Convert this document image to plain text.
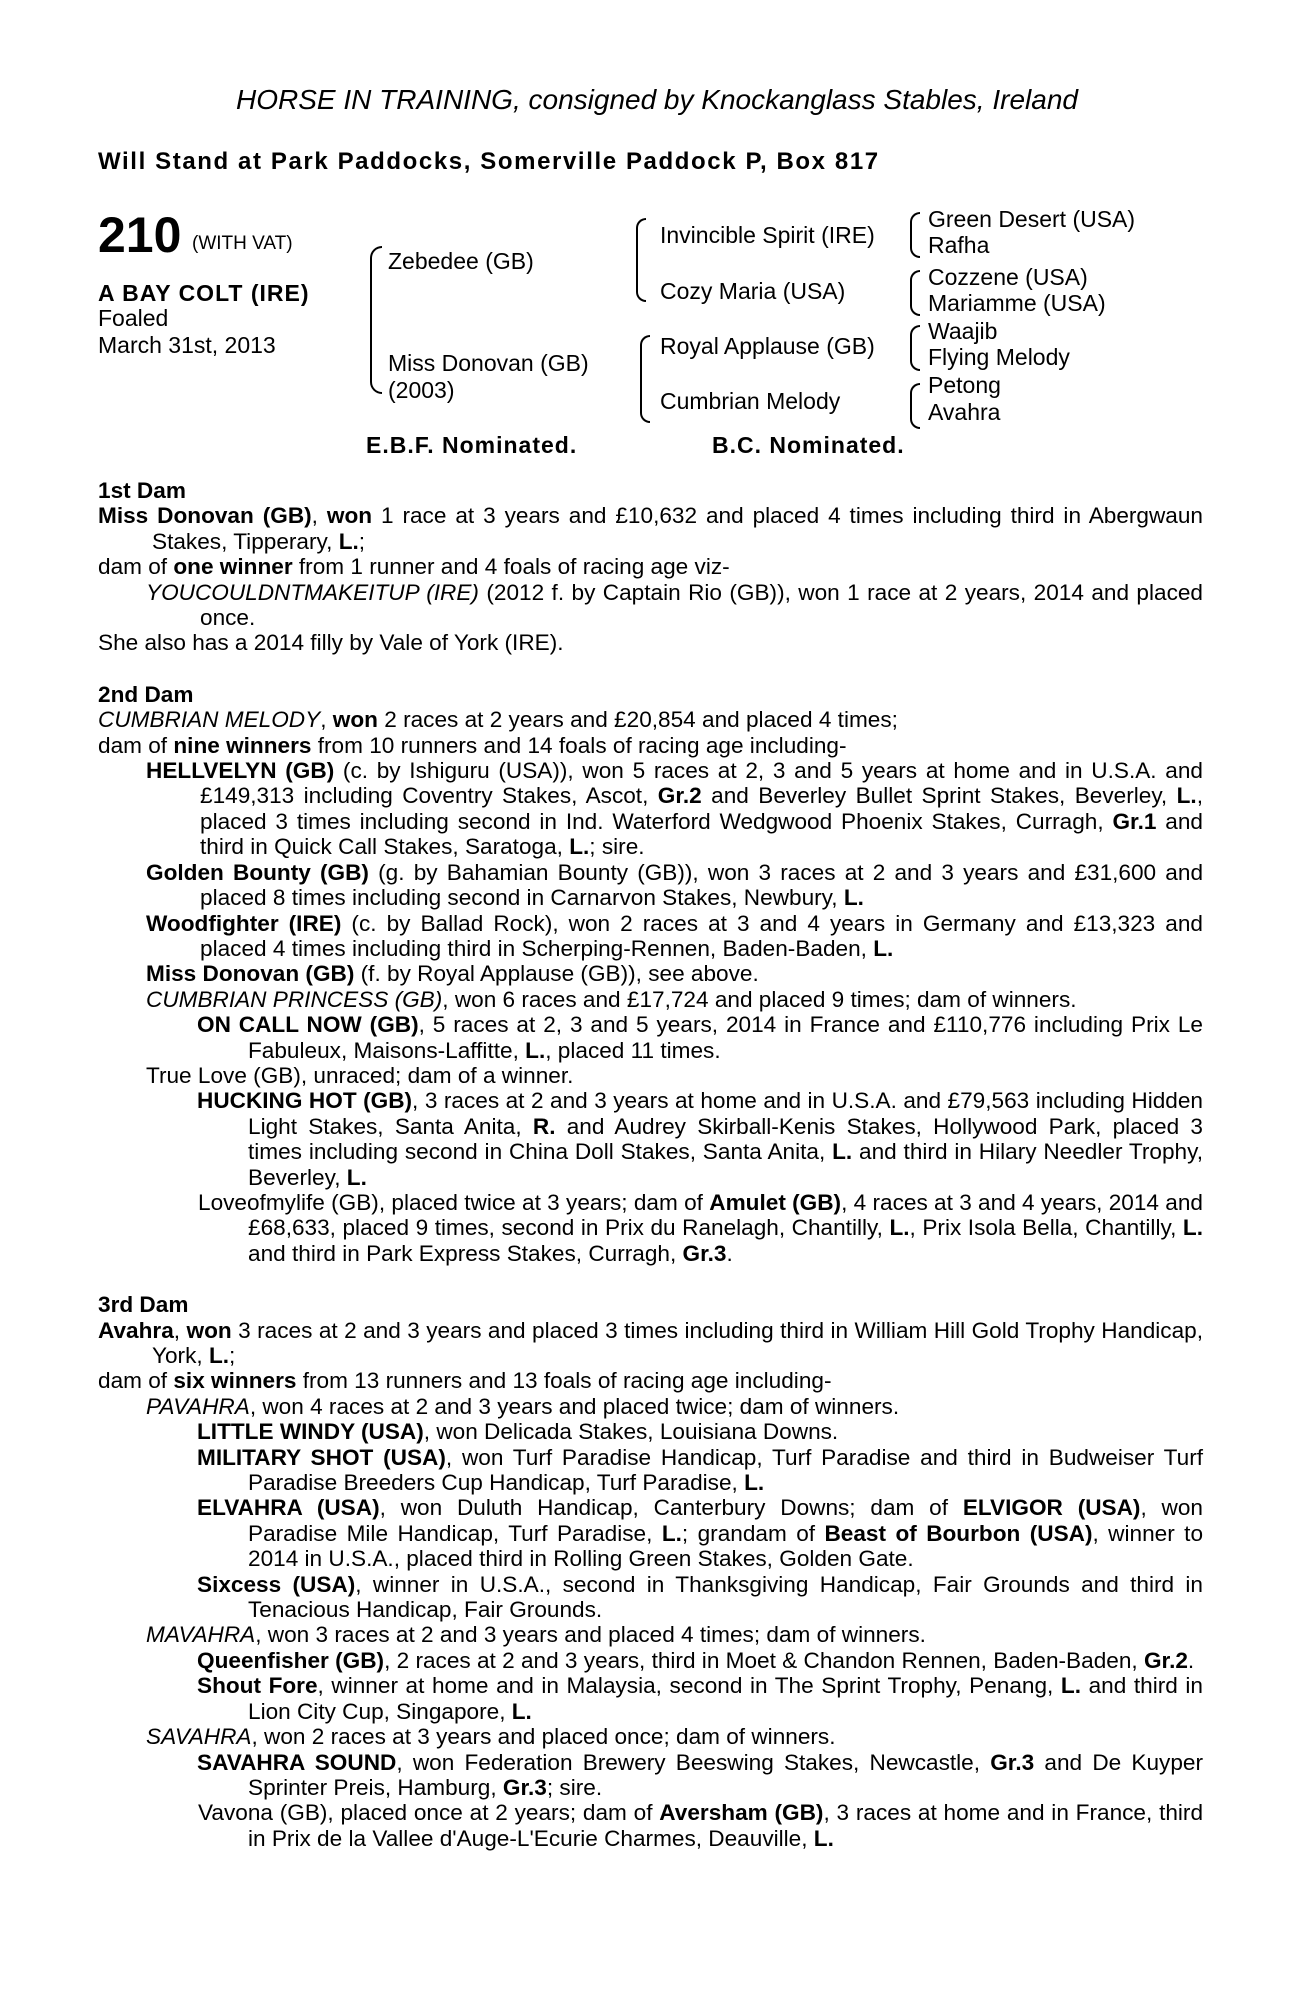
HORSE IN TRAINING, consigned by Knockanglass Stables, Ireland
Will Stand at Park Paddocks, Somerville Paddock P, Box 817
210 (WITH VAT)
A BAY COLT (IRE)
Foaled
March 31st, 2013
Zebedee (GB)
Miss Donovan (GB)
(2003)
Invincible Spirit (IRE)
Cozy Maria (USA)
Royal Applause (GB)
Cumbrian Melody
Green Desert (USA)
Rafha
Cozzene (USA)
Mariamme (USA)
Waajib
Flying Melody
Petong
Avahra
E.B.F. Nominated.	B.C. Nominated.

1st Dam

Miss Donovan (GB), won 1 race at 3 years and £10,632 and placed 4 times including third in Abergwaun Stakes, Tipperary, L.;

dam of one winner from 1 runner and 4 foals of racing age viz-

YOUCOULDNTMAKEITUP (IRE) (2012 f. by Captain Rio (GB)), won 1 race at 2 years, 2014 and placed once.

She also has a 2014 filly by Vale of York (IRE).

2nd Dam

CUMBRIAN MELODY, won 2 races at 2 years and £20,854 and placed 4 times;

dam of nine winners from 10 runners and 14 foals of racing age including-

HELLVELYN (GB) (c. by Ishiguru (USA)), won 5 races at 2, 3 and 5 years at home and in U.S.A. and £149,313 including Coventry Stakes, Ascot, Gr.2 and Beverley Bullet Sprint Stakes, Beverley, L., placed 3 times including second in Ind. Waterford Wedgwood Phoenix Stakes, Curragh, Gr.1 and third in Quick Call Stakes, Saratoga, L.; sire.

Golden Bounty (GB) (g. by Bahamian Bounty (GB)), won 3 races at 2 and 3 years and £31,600 and placed 8 times including second in Carnarvon Stakes, Newbury, L.

Woodfighter (IRE) (c. by Ballad Rock), won 2 races at 3 and 4 years in Germany and £13,323 and placed 4 times including third in Scherping-Rennen, Baden-Baden, L.

Miss Donovan (GB) (f. by Royal Applause (GB)), see above.

CUMBRIAN PRINCESS (GB), won 6 races and £17,724 and placed 9 times; dam of winners.

ON CALL NOW (GB), 5 races at 2, 3 and 5 years, 2014 in France and £110,776 including Prix Le Fabuleux, Maisons-Laffitte, L., placed 11 times.

True Love (GB), unraced; dam of a winner.

HUCKING HOT (GB), 3 races at 2 and 3 years at home and in U.S.A. and £79,563 including Hidden Light Stakes, Santa Anita, R. and Audrey Skirball-Kenis Stakes, Hollywood Park, placed 3 times including second in China Doll Stakes, Santa Anita, L. and third in Hilary Needler Trophy, Beverley, L.

Loveofmylife (GB), placed twice at 3 years; dam of Amulet (GB), 4 races at 3 and 4 years, 2014 and £68,633, placed 9 times, second in Prix du Ranelagh, Chantilly, L., Prix Isola Bella, Chantilly, L. and third in Park Express Stakes, Curragh, Gr.3.

3rd Dam

Avahra, won 3 races at 2 and 3 years and placed 3 times including third in William Hill Gold Trophy Handicap, York, L.;

dam of six winners from 13 runners and 13 foals of racing age including-

PAVAHRA, won 4 races at 2 and 3 years and placed twice; dam of winners.

LITTLE WINDY (USA), won Delicada Stakes, Louisiana Downs.

MILITARY SHOT (USA), won Turf Paradise Handicap, Turf Paradise and third in Budweiser Turf Paradise Breeders Cup Handicap, Turf Paradise, L.

ELVAHRA (USA), won Duluth Handicap, Canterbury Downs; dam of ELVIGOR (USA), won Paradise Mile Handicap, Turf Paradise, L.; grandam of Beast of Bourbon (USA), winner to 2014 in U.S.A., placed third in Rolling Green Stakes, Golden Gate.

Sixcess (USA), winner in U.S.A., second in Thanksgiving Handicap, Fair Grounds and third in Tenacious Handicap, Fair Grounds.

MAVAHRA, won 3 races at 2 and 3 years and placed 4 times; dam of winners.

Queenfisher (GB), 2 races at 2 and 3 years, third in Moet & Chandon Rennen, Baden-Baden, Gr.2.

Shout Fore, winner at home and in Malaysia, second in The Sprint Trophy, Penang, L. and third in Lion City Cup, Singapore, L.

SAVAHRA, won 2 races at 3 years and placed once; dam of winners.

SAVAHRA SOUND, won Federation Brewery Beeswing Stakes, Newcastle, Gr.3 and De Kuyper Sprinter Preis, Hamburg, Gr.3; sire.

Vavona (GB), placed once at 2 years; dam of Aversham (GB), 3 races at home and in France, third in Prix de la Vallee d'Auge-L'Ecurie Charmes, Deauville, L.
